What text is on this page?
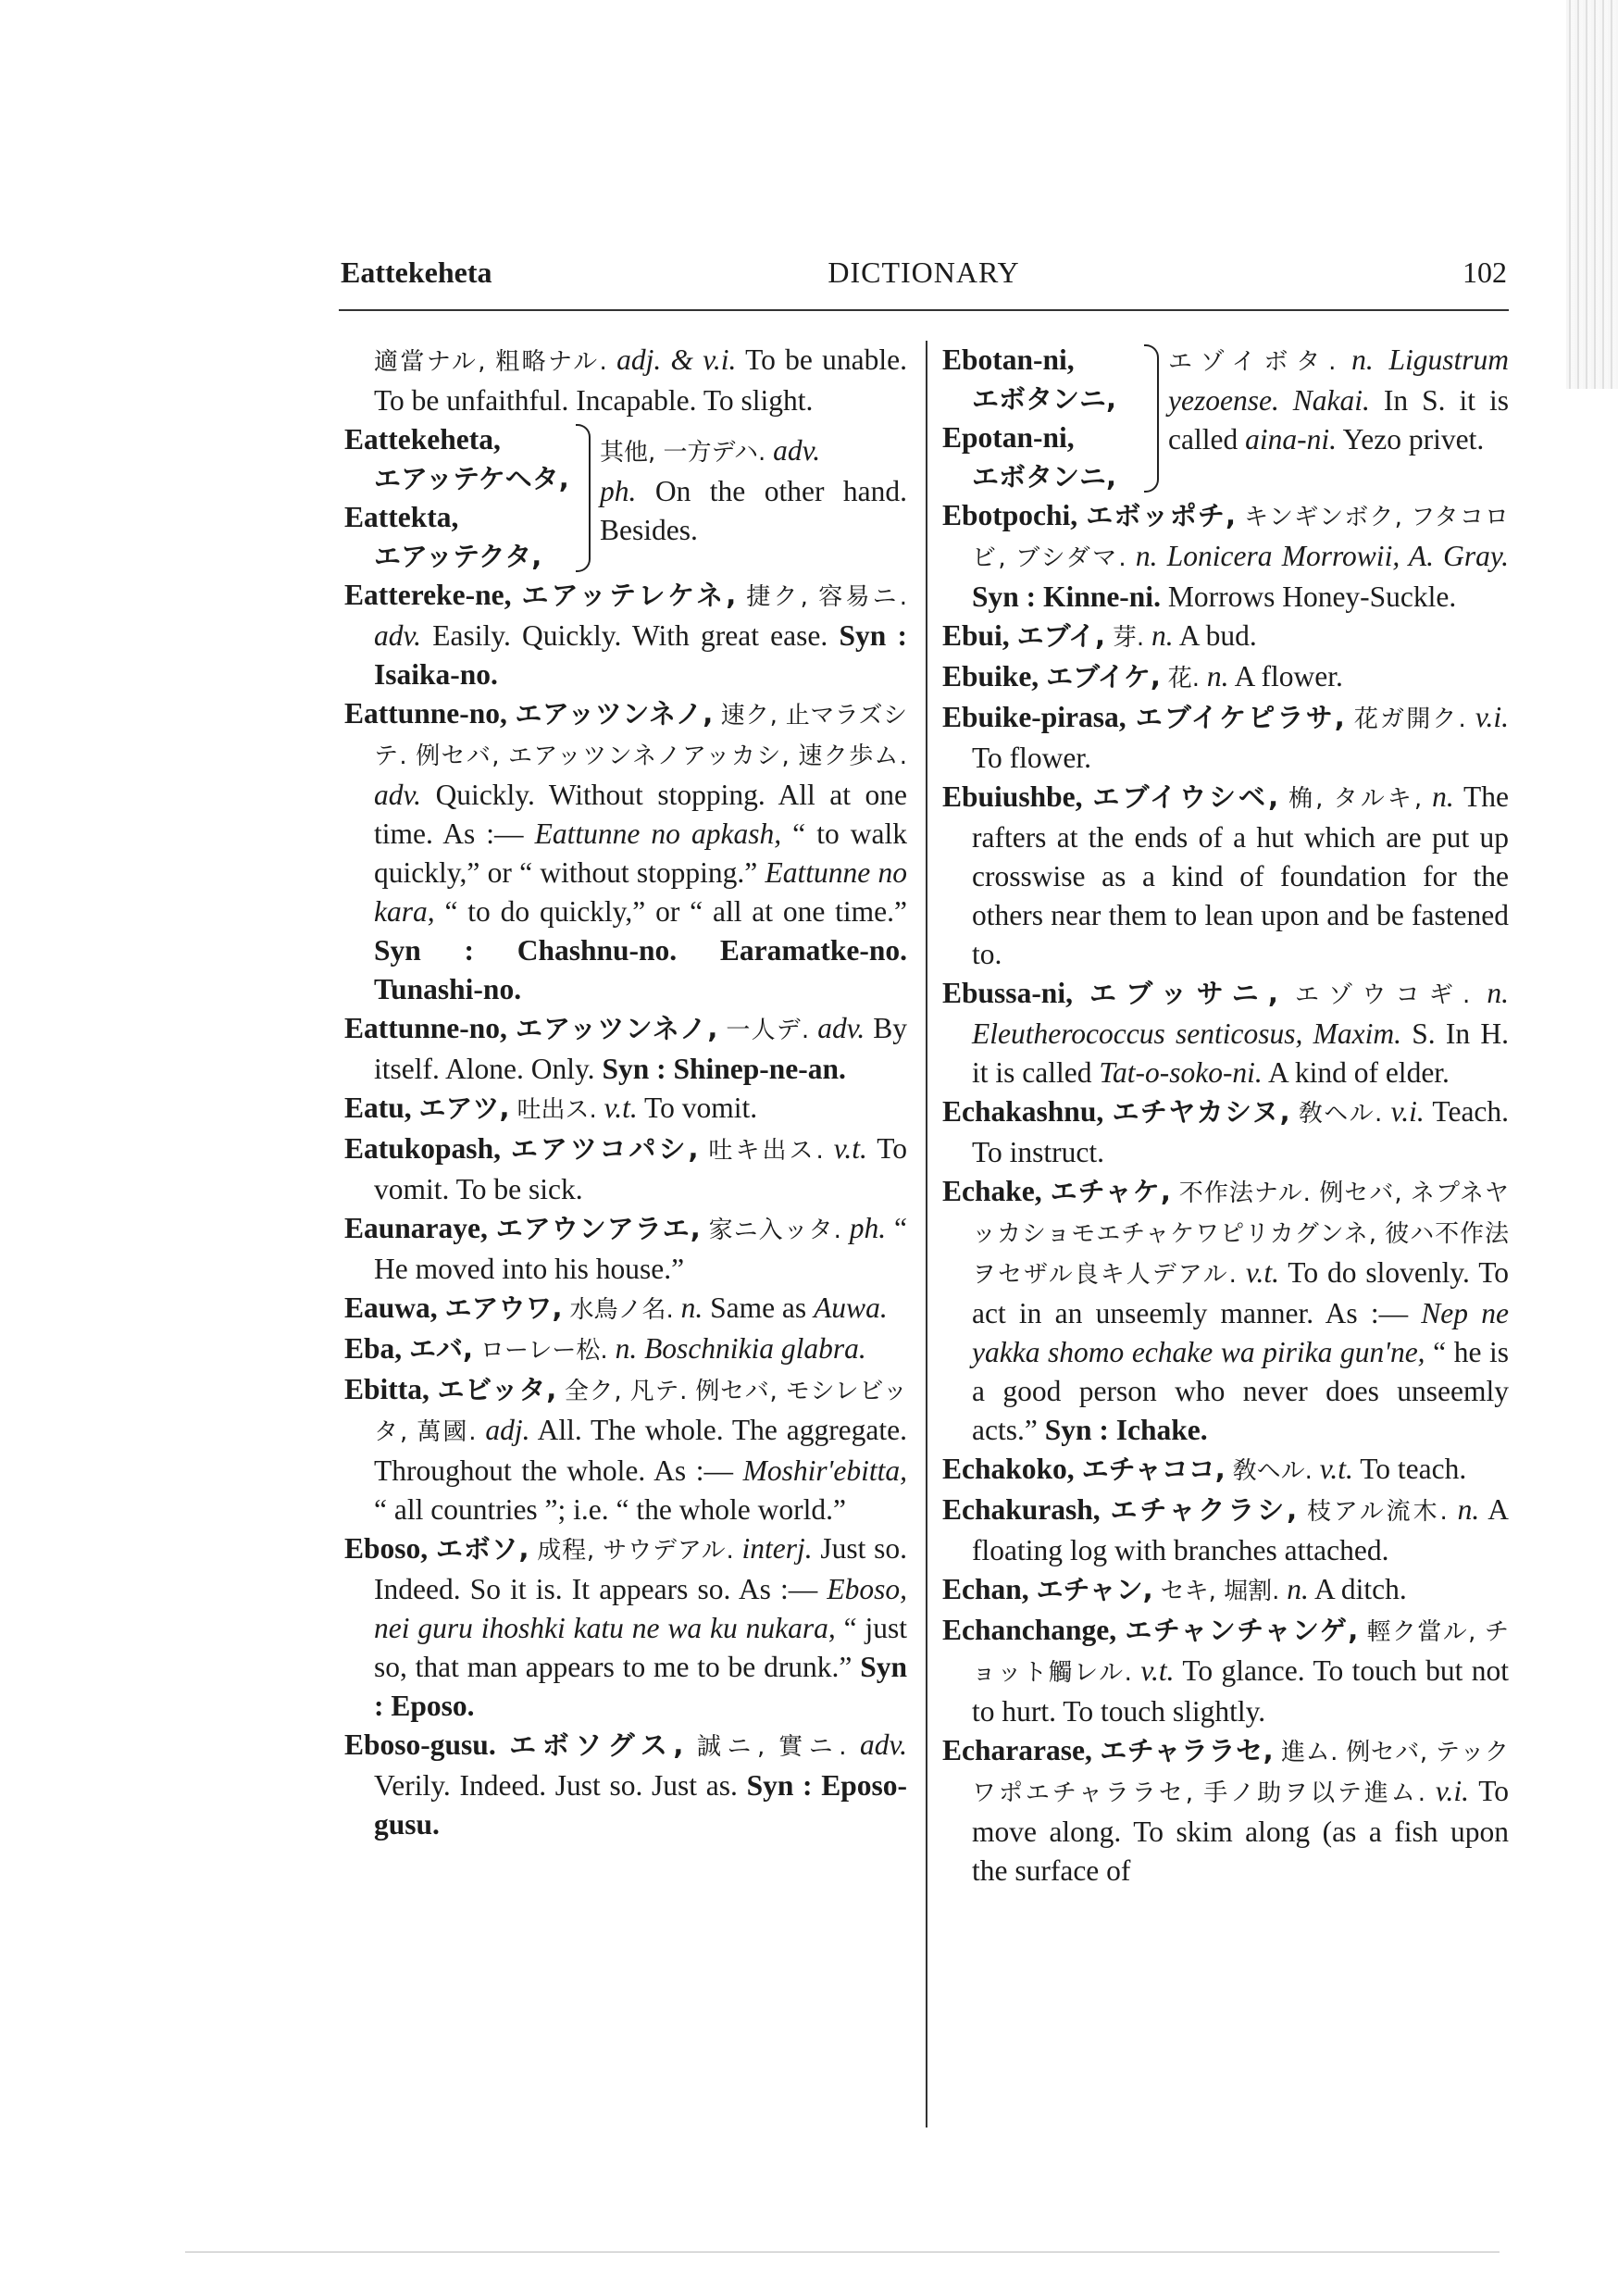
Eattekeheta	DICTIONARY	102

適當ナル, 粗略ナル. adj. & v.i. To be unable. To be unfaithful. Incapable. To slight.

Eattekeheta,
エアッテケヘタ,
Eattekta,
エアッテクタ,
其他, 一方デハ. adv.
ph. On the other hand. Besides.

Eattereke-ne, エアッテレケネ, 捷ク, 容易ニ. adv. Easily. Quickly. With great ease. Syn : Isaika-no.

Eattunne-no, エアッツンネノ, 速ク, 止マラズシテ. 例セバ, エアッツンネノアッカシ, 速ク歩ム. adv. Quickly. Without stopping. All at one time. As :— Eattunne no apkash, “ to walk quickly,” or “ without stopping.” Eattunne no kara, “ to do quickly,” or “ all at one time.” Syn : Chashnu-no. Earamatke-no. Tunashi-no.

Eattunne-no, エアッツンネノ, 一人デ. adv. By itself. Alone. Only. Syn : Shinep-ne-an.

Eatu, エアツ, 吐出ス. v.t. To vomit.

Eatukopash, エアツコパシ, 吐キ出ス. v.t. To vomit. To be sick.

Eaunaraye, エアウンアラエ, 家ニ入ッタ. ph. “ He moved into his house.”

Eauwa, エアウワ, 水鳥ノ名. n. Same as Auwa.

Eba, エバ, ローレー松. n. Boschnikia glabra.

Ebitta, エビッタ, 全ク, 凡テ. 例セバ, モシレビッタ, 萬國. adj. All. The whole. The aggregate. Throughout the whole. As :— Moshir'ebitta, “ all countries ”; i.e. “ the whole world.”

Eboso, エボソ, 成程, サウデアル. interj. Just so. Indeed. So it is. It appears so. As :— Eboso, nei guru ihoshki katu ne wa ku nukara, “ just so, that man appears to me to be drunk.” Syn : Eposo.

Eboso-gusu. エボソグス, 誠ニ, 實ニ. adv. Verily. Indeed. Just so. Just as. Syn : Eposo-gusu.

Ebotan-ni,
エボタンニ,
Epotan-ni,
エボタンニ,
エゾイボタ. n. Ligustrum yezoense. Nakai. In S. it is called aina-ni. Yezo privet.

Ebotpochi, エボッポチ, キンギンボク, フタコロビ, ブシダマ. n. Lonicera Morrowii, A. Gray. Syn : Kinne-ni. Morrows Honey-Suckle.

Ebui, エブイ, 芽. n. A bud.

Ebuike, エブイケ, 花. n. A flower.

Ebuike-pirasa, エブイケピラサ, 花ガ開ク. v.i. To flower.

Ebuiushbe, エブイウシベ, 桷, タルキ, n. The rafters at the ends of a hut which are put up crosswise as a kind of foundation for the others near them to lean upon and be fastened to.

Ebussa-ni, エブッサニ, エゾウコギ. n. Eleutherococcus senticosus, Maxim. S. In H. it is called Tat-o-soko-ni. A kind of elder.

Echakashnu, エチヤカシヌ, 敎ヘル. v.i. Teach. To instruct.

Echake, エチャケ, 不作法ナル. 例セバ, ネプネヤッカショモエチャケワピリカグンネ, 彼ハ不作法ヲセザル良キ人デアル. v.t. To do slovenly. To act in an unseemly manner. As :— Nep ne yakka shomo echake wa pirika gun'ne, “ he is a good person who never does unseemly acts.” Syn : Ichake.

Echakoko, エチャココ, 敎ヘル. v.t. To teach.

Echakurash, エチャクラシ, 枝アル流木. n. A floating log with branches attached.

Echan, エチャン, セキ, 堀割. n. A ditch.

Echanchange, エチャンチャンゲ, 輕ク當ル, チョット觸レル. v.t. To glance. To touch but not to hurt. To touch slightly.

Echararase, エチャララセ, 進ム. 例セバ, テックワポエチャララセ, 手ノ助ヲ以テ進ム. v.i. To move along. To skim along (as a fish upon the surface of
